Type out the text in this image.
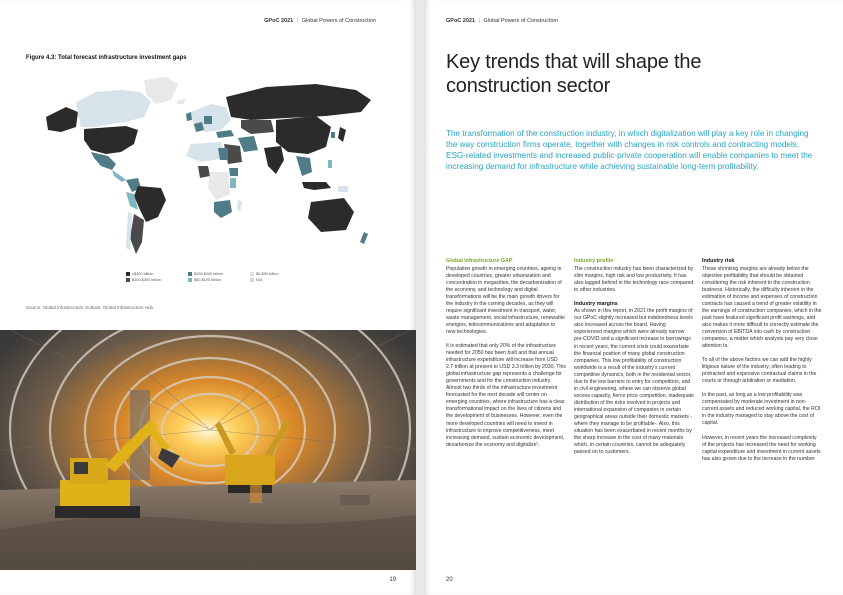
GPoC 2021 | Global Powers of Construction
Figure 4.3: Total forecast infrastructure investment gaps
≥$300 billion	$100-$200 billion	$0-$50 billion
$200-$300 billion	$50-$100 billion	N/A
Source: Global Infrastructure Outlook, Global Infrastructure Hub.
19
GPoC 2021 | Global Powers of Construction
Key trends that will shape the construction sector

The transformation of the construction industry, in which digitalization will play a key role in changing the way construction firms operate, together with changes in risk controls and contracting models, ESG-related investments and increased public-private cooperation will enable companies to meet the increasing demand for infrastructure while achieving sustainable long-term profitability.

Global infrastructure GAP

Population growth in emerging countries, ageing in developed countries, greater urbanization and concentration in megacities, the decarbonization of the economy, and technology and digital transformations will be the main growth drivers for the industry in the coming decades, as they will require significant investment in transport, water, waste management, social infrastructure, renewable energies, telecommunications and adaptation to new technologies.

It is estimated that only 20% of the infrastructure needed for 2050 has been built and that annual infrastructure expenditure will increase from USD 2.7 trillion at present to USD 3.3 trillion by 2030. This global infrastructure gap represents a challenge for governments and for the construction industry. Almost two thirds of the infrastructure investment forecasted for the next decade will center on emerging countries, where infrastructure has a clear transformational impact on the lives of citizens and the development of businesses. However, even the more developed countries will need to invest in infrastructure to improve competitiveness, meet increasing demand, sustain economic development, decarbonize the economy and digitalize¹.

Industry profile

The construction industry has been characterized by slim margins, high risk and low productivity. It has also lagged behind in the technology race compared to other industries.

Industry margins

As shown in this report, in 2021 the profit margins of our GPoC slightly increased but indebtedness levels also increased across the board. Having experienced margins which were already narrow pre-COVID and a significant increase in borrowings in recent years, the current crisis could exacerbate the financial position of many global construction companies. This low profitability of construction worldwide is a result of the industry's current competitive dynamics, both in the residential sector, due to the low barriers to entry for competitors, and in civil engineering, where we can observe global excess capacity, fierce price competition, inadequate distribution of the risks involved in projects and international expansion of companies in certain geographical areas outside their domestic markets -where they manage to be profitable-. Also, this situation has been exacerbated in recent months by the sharp increase in the cost of many materials which, in certain countries, cannot be adequately passed on to customers.

Industry risk

These shrinking margins are already below the objective profitability that should be obtained considering the risk inherent to the construction business. Historically, the difficulty inherent in the estimation of income and expenses of construction contracts has caused a trend of greater volatility in the earnings of construction companies, which in the past have featured significant profit warnings, and also makes it more difficult to correctly estimate the conversion of EBITDA into cash by construction companies, a matter which analysts pay very close attention to.

To all of the above factors we can add the highly litigious nature of the industry, often leading to protracted and expensive contractual claims in the courts or through arbitration or mediation.

In the past, as long as a low profitability was compensated by moderate investment in non-current assets and reduced working capital, the ROI in the industry managed to stay above the cost of capital.

However, in recent years the increased complexity of the projects has increased the need for working capital expenditure and investment in current assets has also grown due to the increase in the number

20
